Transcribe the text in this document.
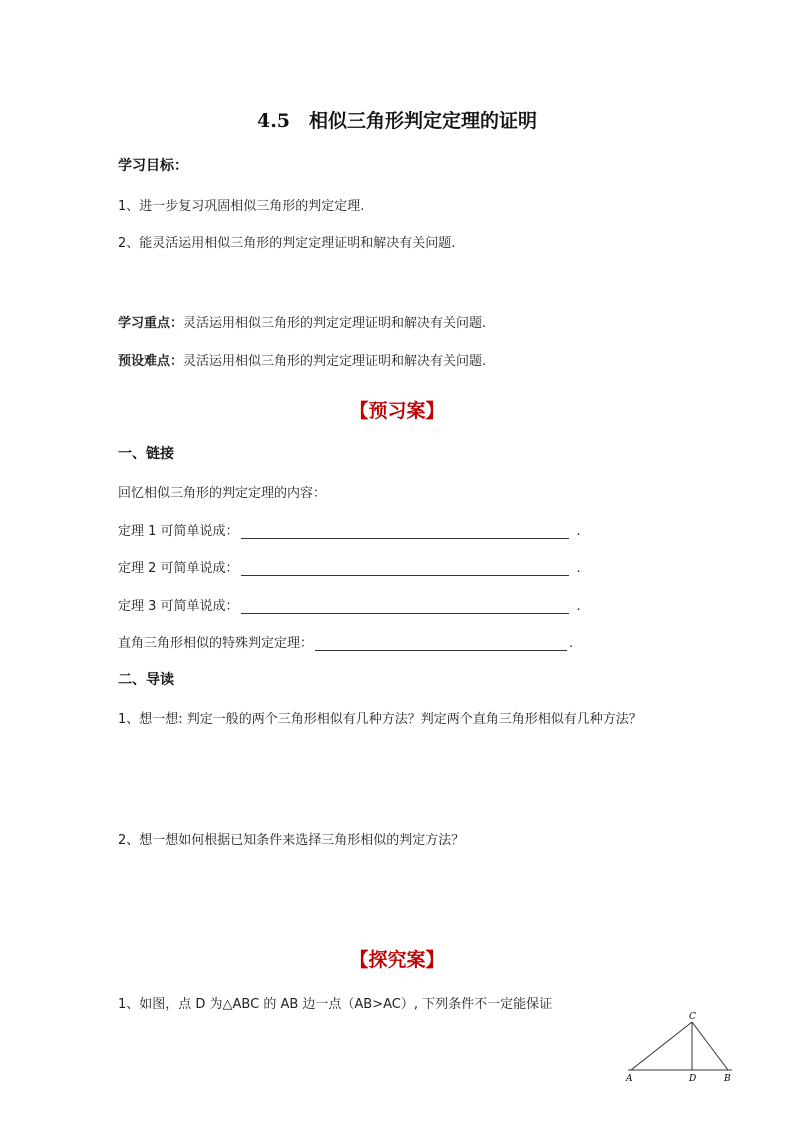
4.5　相似三角形判定定理的证明
学习目标：
1、进一步复习巩固相似三角形的判定定理.
2、能灵活运用相似三角形的判定定理证明和解决有关问题.
学习重点：灵活运用相似三角形的判定定理证明和解决有关问题.
预设难点：灵活运用相似三角形的判定定理证明和解决有关问题.
【预习案】
一、链接
回忆相似三角形的判定定理的内容：
定理 1 可简单说成：	.
定理 2 可简单说成：	.
定理 3 可简单说成：	.
直角三角形相似的特殊判定定理：	.
二、导读
1、想一想: 判定一般的两个三角形相似有几种方法？判定两个直角三角形相似有几种方法？
2、想一想如何根据已知条件来选择三角形相似的判定方法？
【探究案】
1、如图，点 D 为△ABC 的 AB 边一点（AB>AC）, 下列条件不一定能保证
C
A	D	B
